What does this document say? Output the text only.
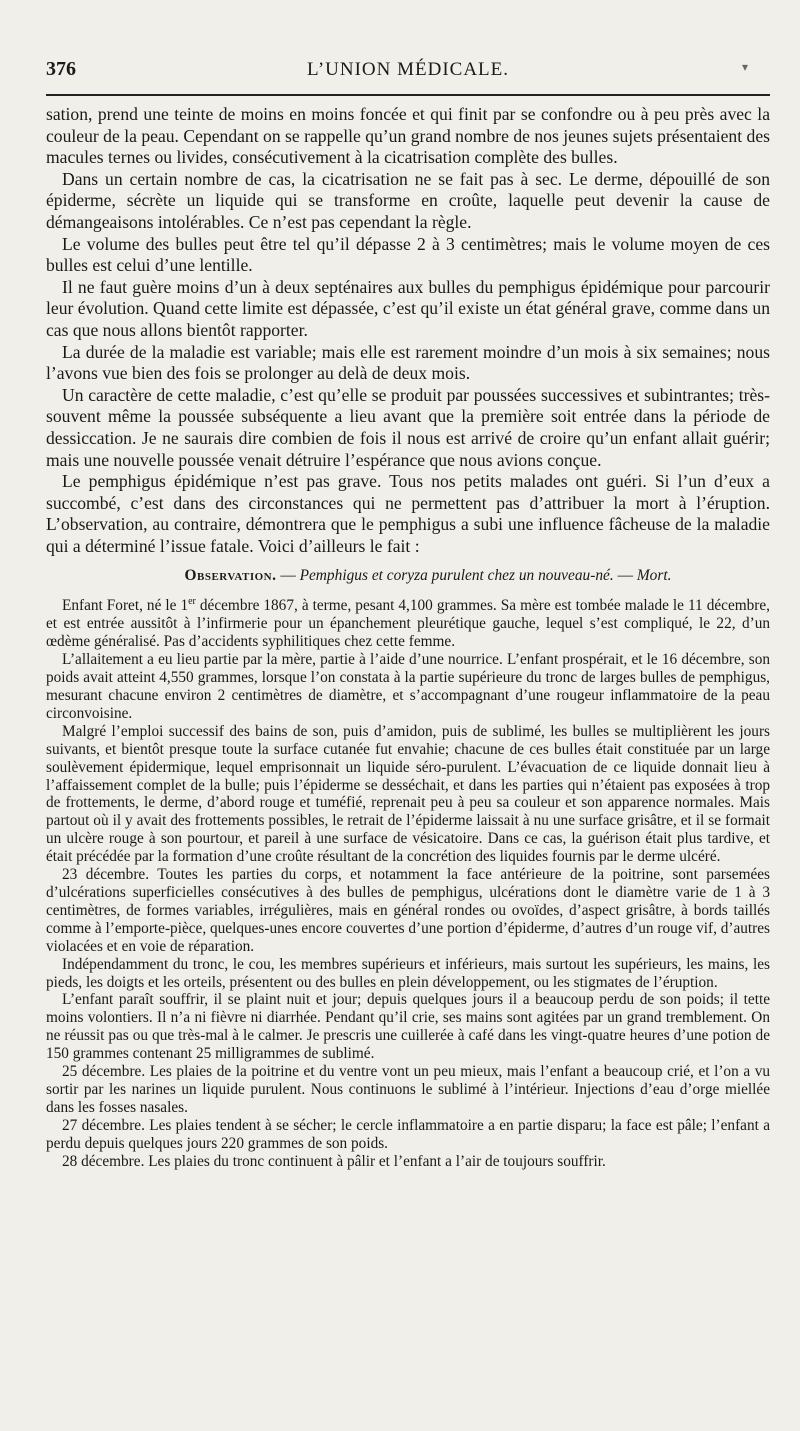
▾
376	L’UNION MÉDICALE.

sation, prend une teinte de moins en moins foncée et qui finit par se confondre ou à peu près avec la couleur de la peau. Cependant on se rappelle qu’un grand nombre de nos jeunes sujets présentaient des macules ternes ou livides, consécutivement à la cicatrisation complète des bulles.

Dans un certain nombre de cas, la cicatrisation ne se fait pas à sec. Le derme, dépouillé de son épiderme, sécrète un liquide qui se transforme en croûte, laquelle peut devenir la cause de démangeaisons intolérables. Ce n’est pas cependant la règle.

Le volume des bulles peut être tel qu’il dépasse 2 à 3 centimètres; mais le volume moyen de ces bulles est celui d’une lentille.

Il ne faut guère moins d’un à deux septénaires aux bulles du pemphigus épidémique pour parcourir leur évolution. Quand cette limite est dépassée, c’est qu’il existe un état général grave, comme dans un cas que nous allons bientôt rapporter.

La durée de la maladie est variable; mais elle est rarement moindre d’un mois à six semaines; nous l’avons vue bien des fois se prolonger au delà de deux mois.

Un caractère de cette maladie, c’est qu’elle se produit par poussées successives et subintrantes; très-souvent même la poussée subséquente a lieu avant que la première soit entrée dans la période de dessiccation. Je ne saurais dire combien de fois il nous est arrivé de croire qu’un enfant allait guérir; mais une nouvelle poussée venait détruire l’espérance que nous avions conçue.

Le pemphigus épidémique n’est pas grave. Tous nos petits malades ont guéri. Si l’un d’eux a succombé, c’est dans des circonstances qui ne permettent pas d’attribuer la mort à l’éruption. L’observation, au contraire, démontrera que le pemphigus a subi une influence fâcheuse de la maladie qui a déterminé l’issue fatale. Voici d’ailleurs le fait :

Observation. — Pemphigus et coryza purulent chez un nouveau-né. — Mort.

Enfant Foret, né le 1er décembre 1867, à terme, pesant 4,100 grammes. Sa mère est tombée malade le 11 décembre, et est entrée aussitôt à l’infirmerie pour un épanchement pleurétique gauche, lequel s’est compliqué, le 22, d’un œdème généralisé. Pas d’accidents syphilitiques chez cette femme.

L’allaitement a eu lieu partie par la mère, partie à l’aide d’une nourrice. L’enfant prospérait, et le 16 décembre, son poids avait atteint 4,550 grammes, lorsque l’on constata à la partie supérieure du tronc de larges bulles de pemphigus, mesurant chacune environ 2 centimètres de diamètre, et s’accompagnant d’une rougeur inflammatoire de la peau circonvoisine.

Malgré l’emploi successif des bains de son, puis d’amidon, puis de sublimé, les bulles se multiplièrent les jours suivants, et bientôt presque toute la surface cutanée fut envahie; chacune de ces bulles était constituée par un large soulèvement épidermique, lequel emprisonnait un liquide séro-purulent. L’évacuation de ce liquide donnait lieu à l’affaissement complet de la bulle; puis l’épiderme se desséchait, et dans les parties qui n’étaient pas exposées à trop de frottements, le derme, d’abord rouge et tuméfié, reprenait peu à peu sa couleur et son apparence normales. Mais partout où il y avait des frottements possibles, le retrait de l’épiderme laissait à nu une surface grisâtre, et il se formait un ulcère rouge à son pourtour, et pareil à une surface de vésicatoire. Dans ce cas, la guérison était plus tardive, et était précédée par la formation d’une croûte résultant de la concrétion des liquides fournis par le derme ulcéré.

23 décembre. Toutes les parties du corps, et notamment la face antérieure de la poitrine, sont parsemées d’ulcérations superficielles consécutives à des bulles de pemphigus, ulcérations dont le diamètre varie de 1 à 3 centimètres, de formes variables, irrégulières, mais en général rondes ou ovoïdes, d’aspect grisâtre, à bords taillés comme à l’emporte-pièce, quelques-unes encore couvertes d’une portion d’épiderme, d’autres d’un rouge vif, d’autres violacées et en voie de réparation.

Indépendamment du tronc, le cou, les membres supérieurs et inférieurs, mais surtout les supérieurs, les mains, les pieds, les doigts et les orteils, présentent ou des bulles en plein développement, ou les stigmates de l’éruption.

L’enfant paraît souffrir, il se plaint nuit et jour; depuis quelques jours il a beaucoup perdu de son poids; il tette moins volontiers. Il n’a ni fièvre ni diarrhée. Pendant qu’il crie, ses mains sont agitées par un grand tremblement. On ne réussit pas ou que très-mal à le calmer. Je prescris une cuillerée à café dans les vingt-quatre heures d’une potion de 150 grammes contenant 25 milligrammes de sublimé.

25 décembre. Les plaies de la poitrine et du ventre vont un peu mieux, mais l’enfant a beaucoup crié, et l’on a vu sortir par les narines un liquide purulent. Nous continuons le sublimé à l’intérieur. Injections d’eau d’orge miellée dans les fosses nasales.

27 décembre. Les plaies tendent à se sécher; le cercle inflammatoire a en partie disparu; la face est pâle; l’enfant a perdu depuis quelques jours 220 grammes de son poids.

28 décembre. Les plaies du tronc continuent à pâlir et l’enfant a l’air de toujours souffrir.
